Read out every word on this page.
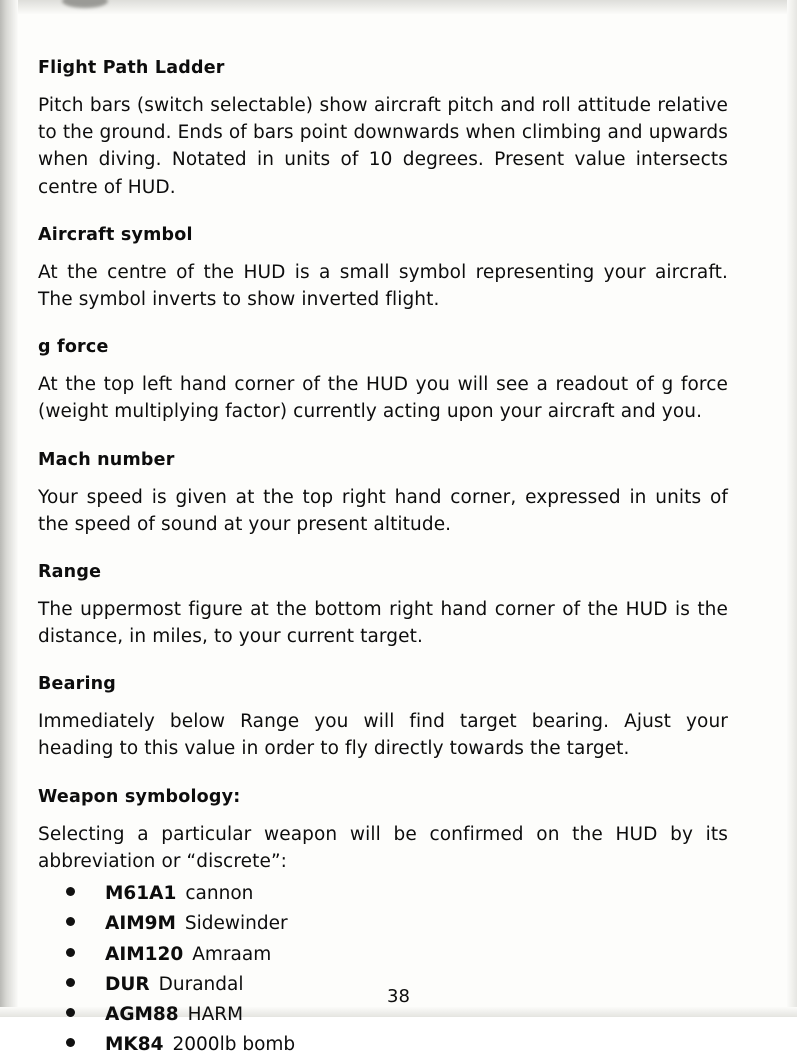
Flight Path Ladder

Pitch bars (switch selectable) show aircraft pitch and roll attitude relative to the ground. Ends of bars point downwards when climbing and upwards when diving. Notated in units of 10 degrees. Present value intersects centre of HUD.

Aircraft symbol

At the centre of the HUD is a small symbol representing your aircraft. The symbol inverts to show inverted flight.

g force

At the top left hand corner of the HUD you will see a readout of g force (weight multiplying factor) currently acting upon your aircraft and you.

Mach number

Your speed is given at the top right hand corner, expressed in units of the speed of sound at your present altitude.

Range

The uppermost figure at the bottom right hand corner of the HUD is the distance, in miles, to your current target.

Bearing

Immediately below Range you will find target bearing. Ajust your heading to this value in order to fly directly towards the target.

Weapon symbology:

Selecting a particular weapon will be confirmed on the HUD by its abbreviation or “discrete”:

M61A1 cannon
AIM9M Sidewinder
AIM120 Amraam
DUR Durandal
AGM88 HARM
MK84 2000lb bomb
38
